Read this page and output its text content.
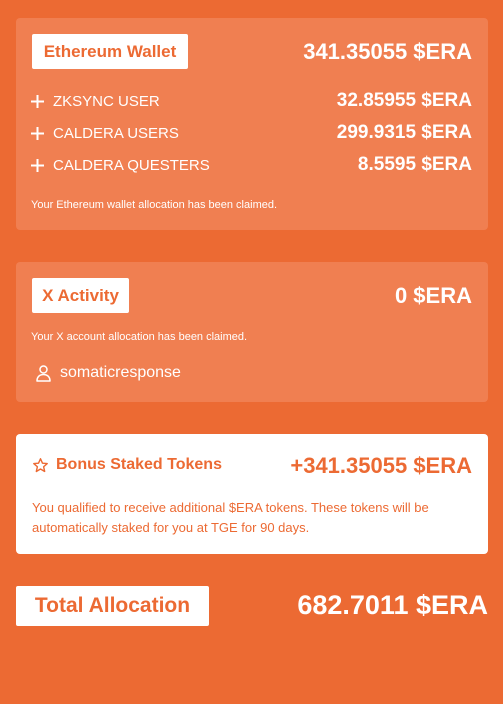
Ethereum Wallet	341.35055 $ERA
ZKSYNC USER	32.85955 $ERA
CALDERA USERS	299.9315 $ERA
CALDERA QUESTERS	8.5595 $ERA
Your Ethereum wallet allocation has been claimed.
X Activity	0 $ERA
Your X account allocation has been claimed.
somaticresponse
Bonus Staked Tokens	+341.35055 $ERA
You qualified to receive additional $ERA tokens. These tokens will be automatically staked for you at TGE for 90 days.
Total Allocation	682.7011 $ERA
